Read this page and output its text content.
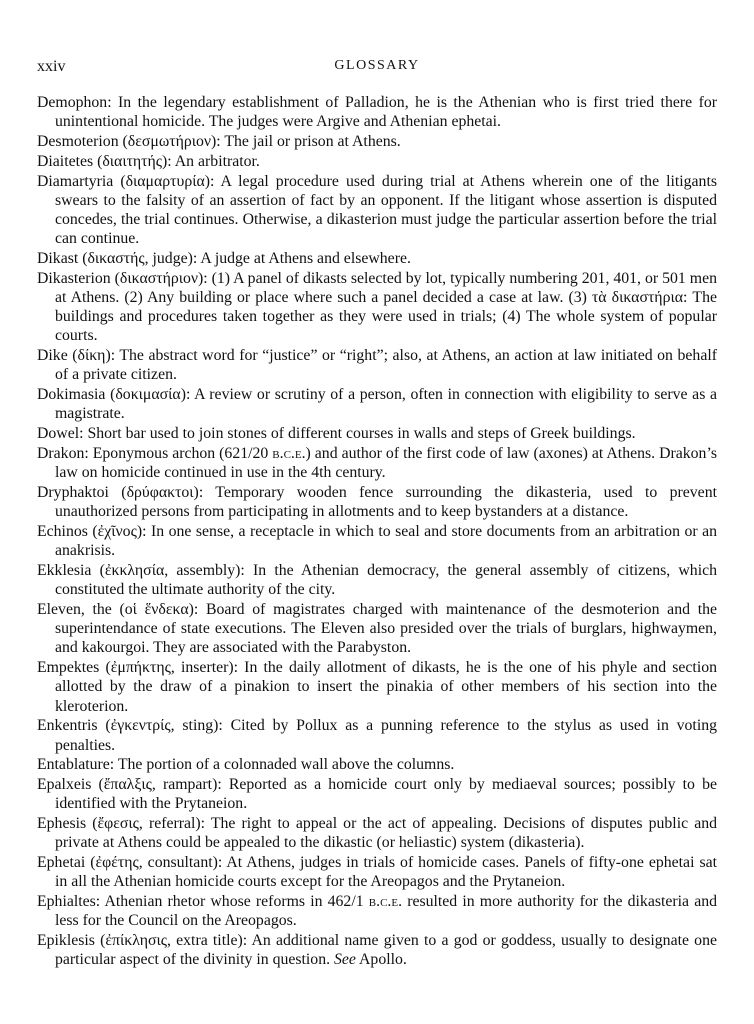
xxiv	GLOSSARY

Demophon: In the legendary establishment of Palladion, he is the Athenian who is first tried there for unintentional homicide. The judges were Argive and Athenian ephetai.

Desmoterion (δεσμωτήριον): The jail or prison at Athens.

Diaitetes (διαιτητής): An arbitrator.

Diamartyria (διαμαρτυρία): A legal procedure used during trial at Athens wherein one of the litigants swears to the falsity of an assertion of fact by an opponent. If the litigant whose assertion is disputed concedes, the trial continues. Otherwise, a dikasterion must judge the particular assertion before the trial can continue.

Dikast (δικαστής, judge): A judge at Athens and elsewhere.

Dikasterion (δικαστήριον): (1) A panel of dikasts selected by lot, typically numbering 201, 401, or 501 men at Athens. (2) Any building or place where such a panel decided a case at law. (3) τὰ δικαστήρια: The buildings and procedures taken together as they were used in trials; (4) The whole system of popular courts.

Dike (δίκη): The abstract word for “justice” or “right”; also, at Athens, an action at law initiated on behalf of a private citizen.

Dokimasia (δοκιμασία): A review or scrutiny of a person, often in connection with eligibility to serve as a magistrate.

Dowel: Short bar used to join stones of different courses in walls and steps of Greek buildings.

Drakon: Eponymous archon (621/20 b.c.e.) and author of the first code of law (axones) at Athens. Drakon’s law on homicide continued in use in the 4th century.

Dryphaktoi (δρύφακτοι): Temporary wooden fence surrounding the dikasteria, used to prevent unauthorized persons from participating in allotments and to keep bystanders at a distance.

Echinos (ἐχῖνος): In one sense, a receptacle in which to seal and store documents from an arbitration or an anakrisis.

Ekklesia (ἐκκλησία, assembly): In the Athenian democracy, the general assembly of citizens, which constituted the ultimate authority of the city.

Eleven, the (οἱ ἕνδεκα): Board of magistrates charged with maintenance of the desmoterion and the superintendance of state executions. The Eleven also presided over the trials of burglars, highwaymen, and kakourgoi. They are associated with the Parabyston.

Empektes (ἐμπήκτης, inserter): In the daily allotment of dikasts, he is the one of his phyle and section allotted by the draw of a pinakion to insert the pinakia of other members of his section into the kleroterion.

Enkentris (ἐγκεντρίς, sting): Cited by Pollux as a punning reference to the stylus as used in voting penalties.

Entablature: The portion of a colonnaded wall above the columns.

Epalxeis (ἔπαλξις, rampart): Reported as a homicide court only by mediaeval sources; possibly to be identified with the Prytaneion.

Ephesis (ἔφεσις, referral): The right to appeal or the act of appealing. Decisions of disputes public and private at Athens could be appealed to the dikastic (or heliastic) system (dikasteria).

Ephetai (ἐφέτης, consultant): At Athens, judges in trials of homicide cases. Panels of fifty-one ephetai sat in all the Athenian homicide courts except for the Areopagos and the Prytaneion.

Ephialtes: Athenian rhetor whose reforms in 462/1 b.c.e. resulted in more authority for the dikasteria and less for the Council on the Areopagos.

Epiklesis (ἐπίκλησις, extra title): An additional name given to a god or goddess, usually to designate one particular aspect of the divinity in question. See Apollo.
